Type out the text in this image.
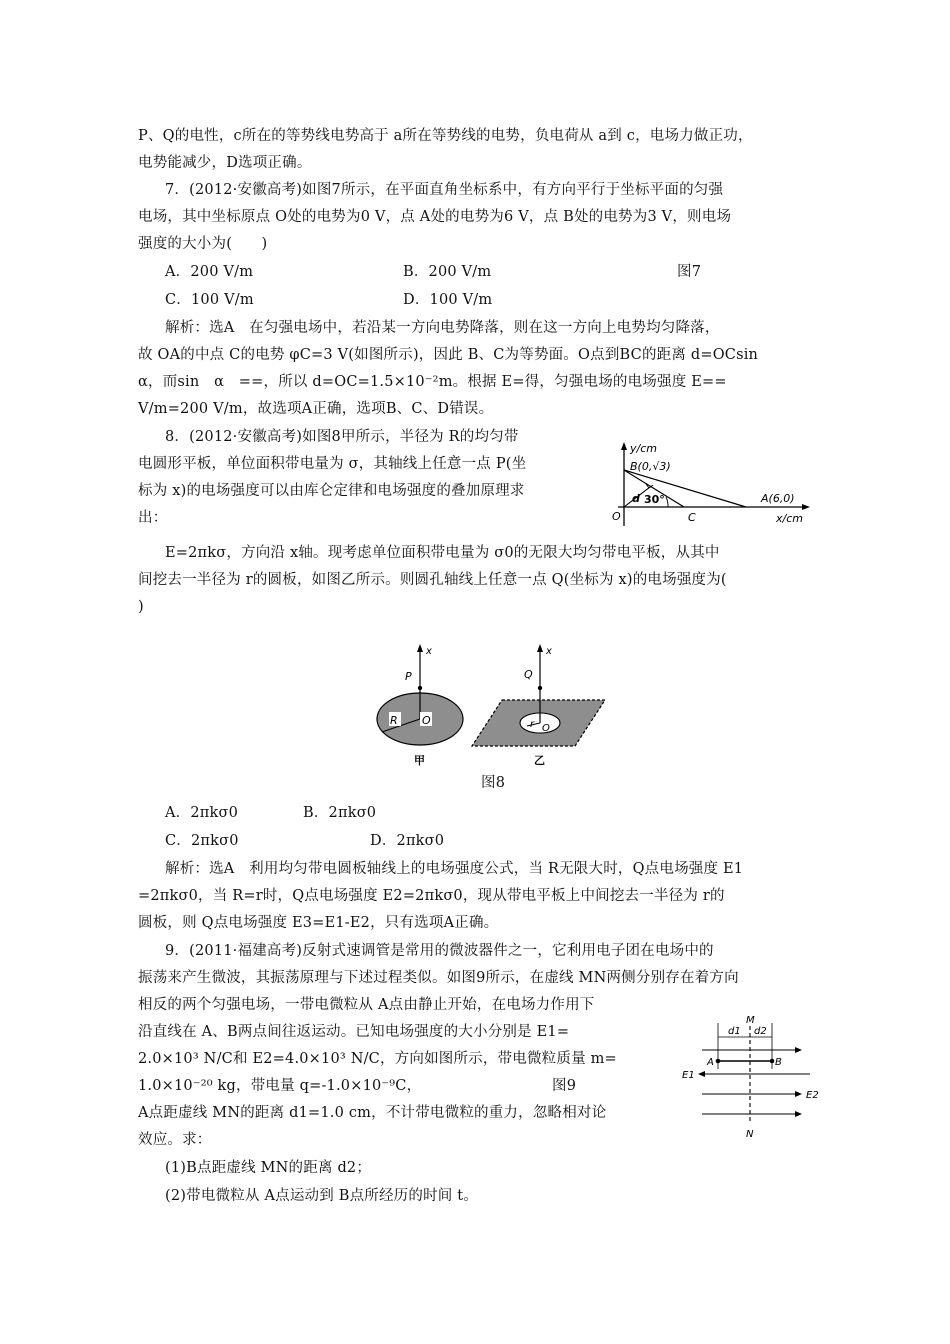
P、Q的电性，c所在的等势线电势高于 a所在等势线的电势，负电荷从 a到 c，电场力做正功，
电势能减少，D选项正确。
7．(2012·安徽高考)如图7所示，在平面直角坐标系中，有方向平行于坐标平面的匀强
电场，其中坐标原点 O处的电势为0 V，点 A处的电势为6 V，点 B处的电势为3 V，则电场
强度的大小为(　　)
A．200 V/m	B．200 V/m	图7
C．100 V/m	D．100 V/m
解析：选A　在匀强电场中，若沿某一方向电势降落，则在这一方向上电势均匀降落，
故 OA的中点 C的电势 φC=3 V(如图所示)，因此 B、C为等势面。O点到BC的距离 d=OCsin
α，而sin　α　==，所以 d=OC=1.5×10⁻²m。根据 E=得，匀强电场的电场强度 E==
V/m=200 V/m，故选项A正确，选项B、C、D错误。
8．(2012·安徽高考)如图8甲所示，半径为 R的均匀带
电圆形平板，单位面积带电量为 σ，其轴线上任意一点 P(坐
标为 x)的电场强度可以由库仑定律和电场强度的叠加原理求
出：
E=2πkσ，方向沿 x轴。现考虑单位面积带电量为 σ0的无限大均匀带电平板，从其中
间挖去一半径为 r的圆板，如图乙所示。则圆孔轴线上任意一点 Q(坐标为 x)的电场强度为(
)
图8
A．2πkσ0	B．2πkσ0
C．2πkσ0	D．2πkσ0
解析：选A　利用均匀带电圆板轴线上的电场强度公式，当 R无限大时，Q点电场强度 E1
=2πkσ0，当 R=r时，Q点电场强度 E2=2πkσ0，现从带电平板上中间挖去一半径为 r的
圆板，则 Q点电场强度 E3=E1-E2，只有选项A正确。
9．(2011·福建高考)反射式速调管是常用的微波器件之一，它利用电子团在电场中的
振荡来产生微波，其振荡原理与下述过程类似。如图9所示，在虚线 MN两侧分别存在着方向
相反的两个匀强电场，一带电微粒从 A点由静止开始，在电场力作用下
沿直线在 A、B两点间往返运动。已知电场强度的大小分别是 E1=
2.0×10³ N/C和 E2=4.0×10³ N/C，方向如图所示，带电微粒质量 m=
1.0×10⁻²⁰ kg，带电量 q=-1.0×10⁻⁹C，	图9
A点距虚线 MN的距离 d1=1.0 cm，不计带电微粒的重力，忽略相对论
效应。求：
(1)B点距虚线 MN的距离 d2；
(2)带电微粒从 A点运动到 B点所经历的时间 t。
y/cm
B(0,√3)
A(6,0)
O	C
d 30°
x/cm
x
P
R O
甲
x
Q
r O
乙
M
N
d1 d2
A	B
E1
E2
